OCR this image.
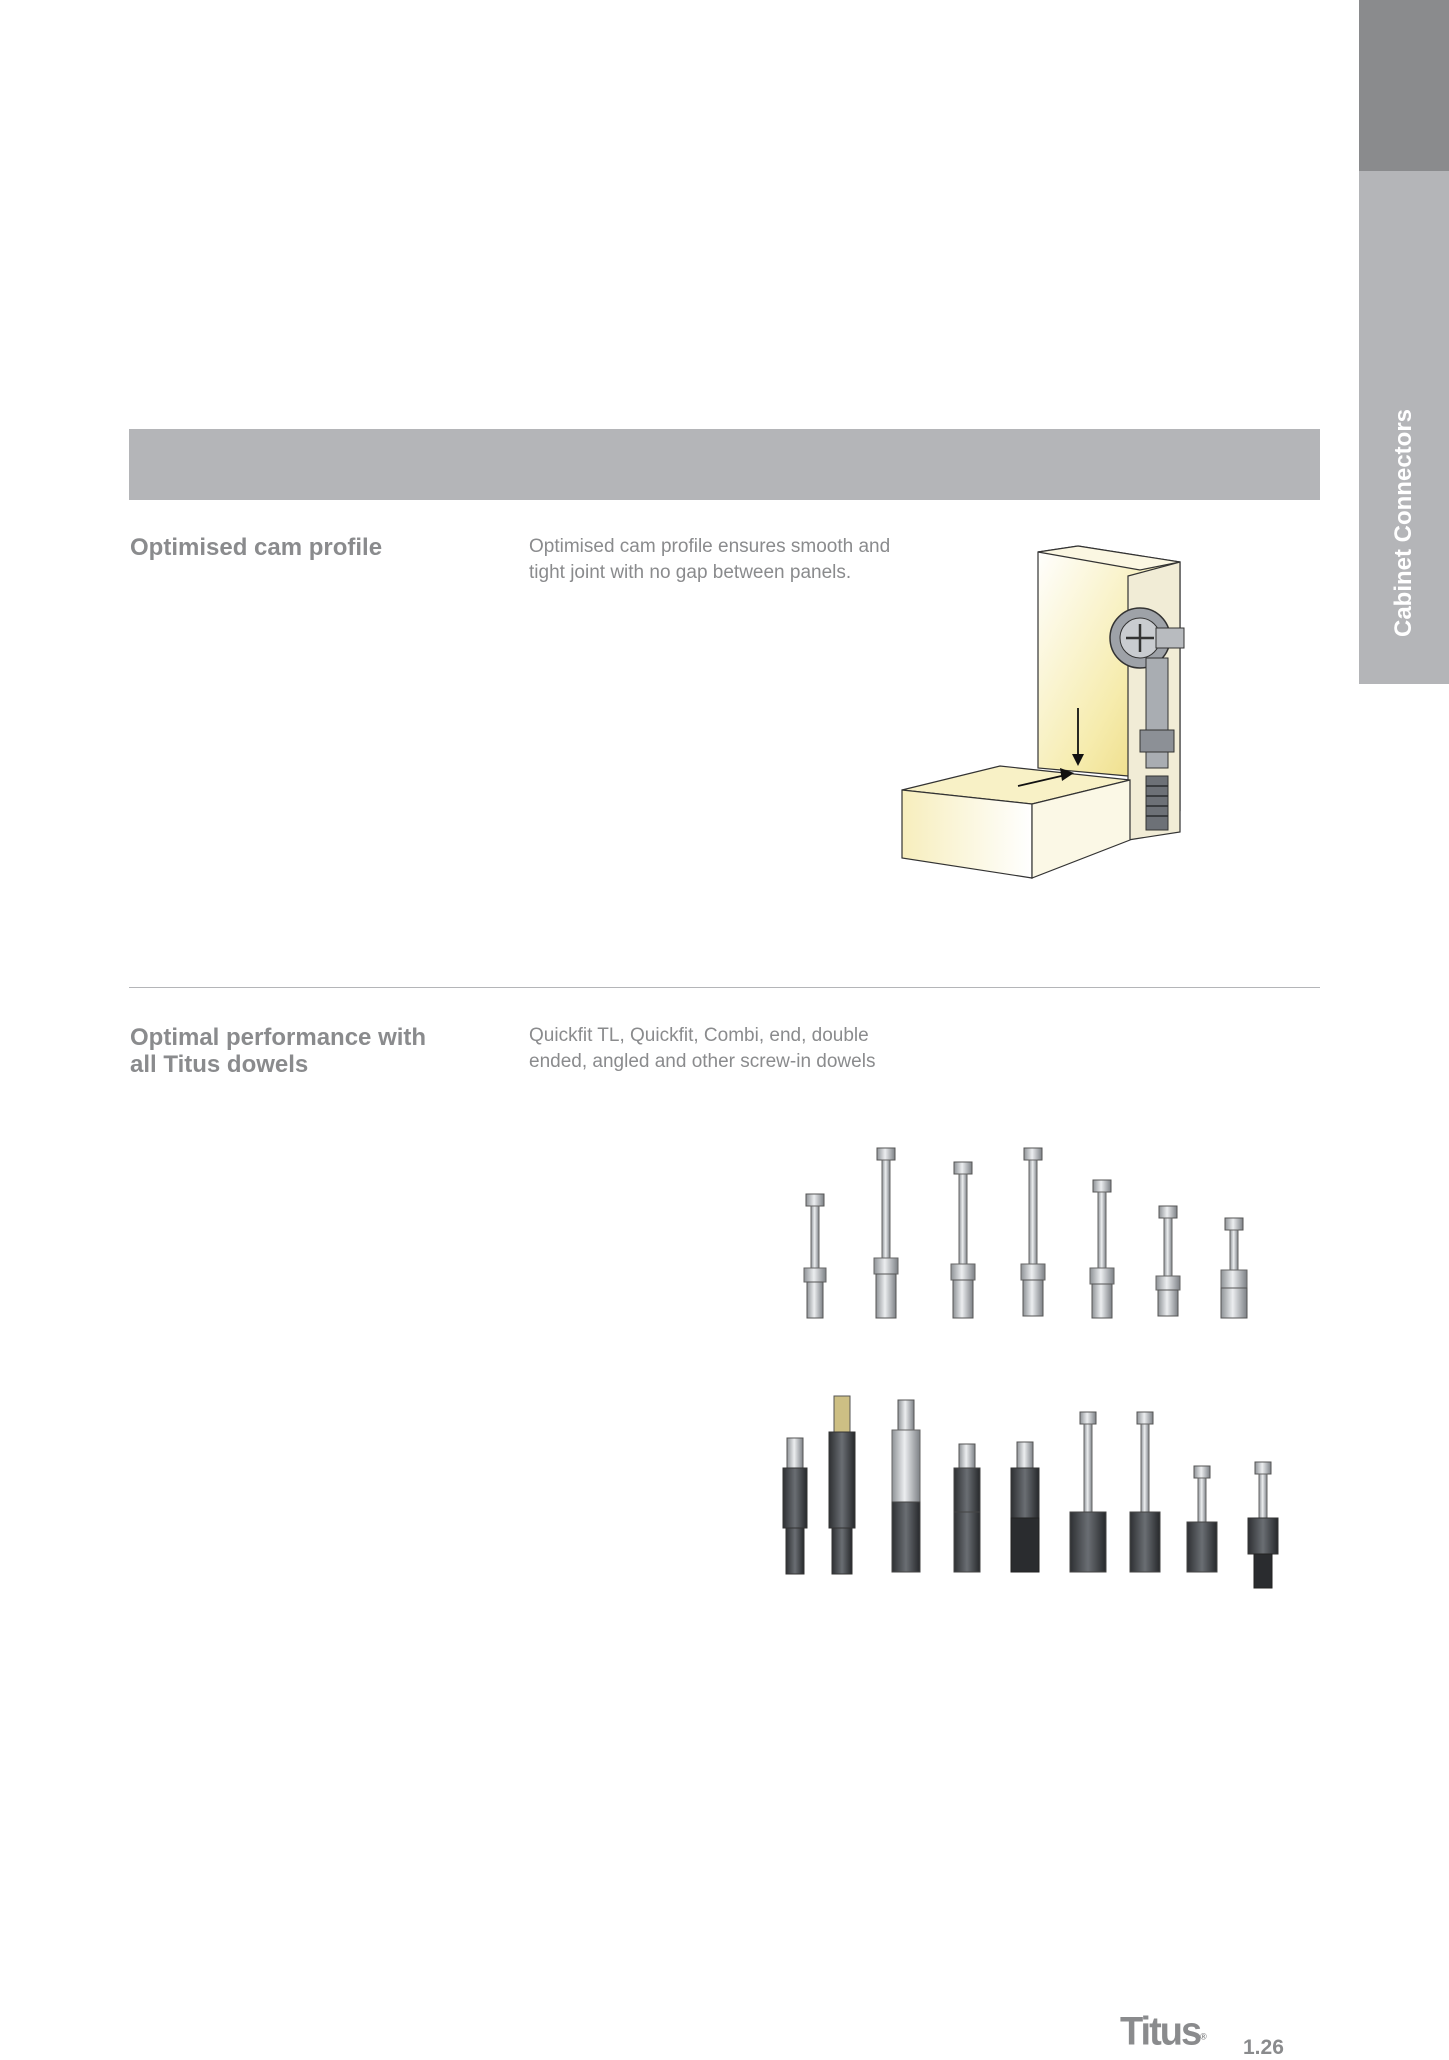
Cabinet Connectors
Optimised cam profile	Optimised cam profile ensures smooth and
tight joint with no gap between panels.

Optimal performance with
all Titus dowels

Quickfit TL, Quickfit, Combi, end, double
ended, angled and other screw-in dowels

Titus® 1.26
